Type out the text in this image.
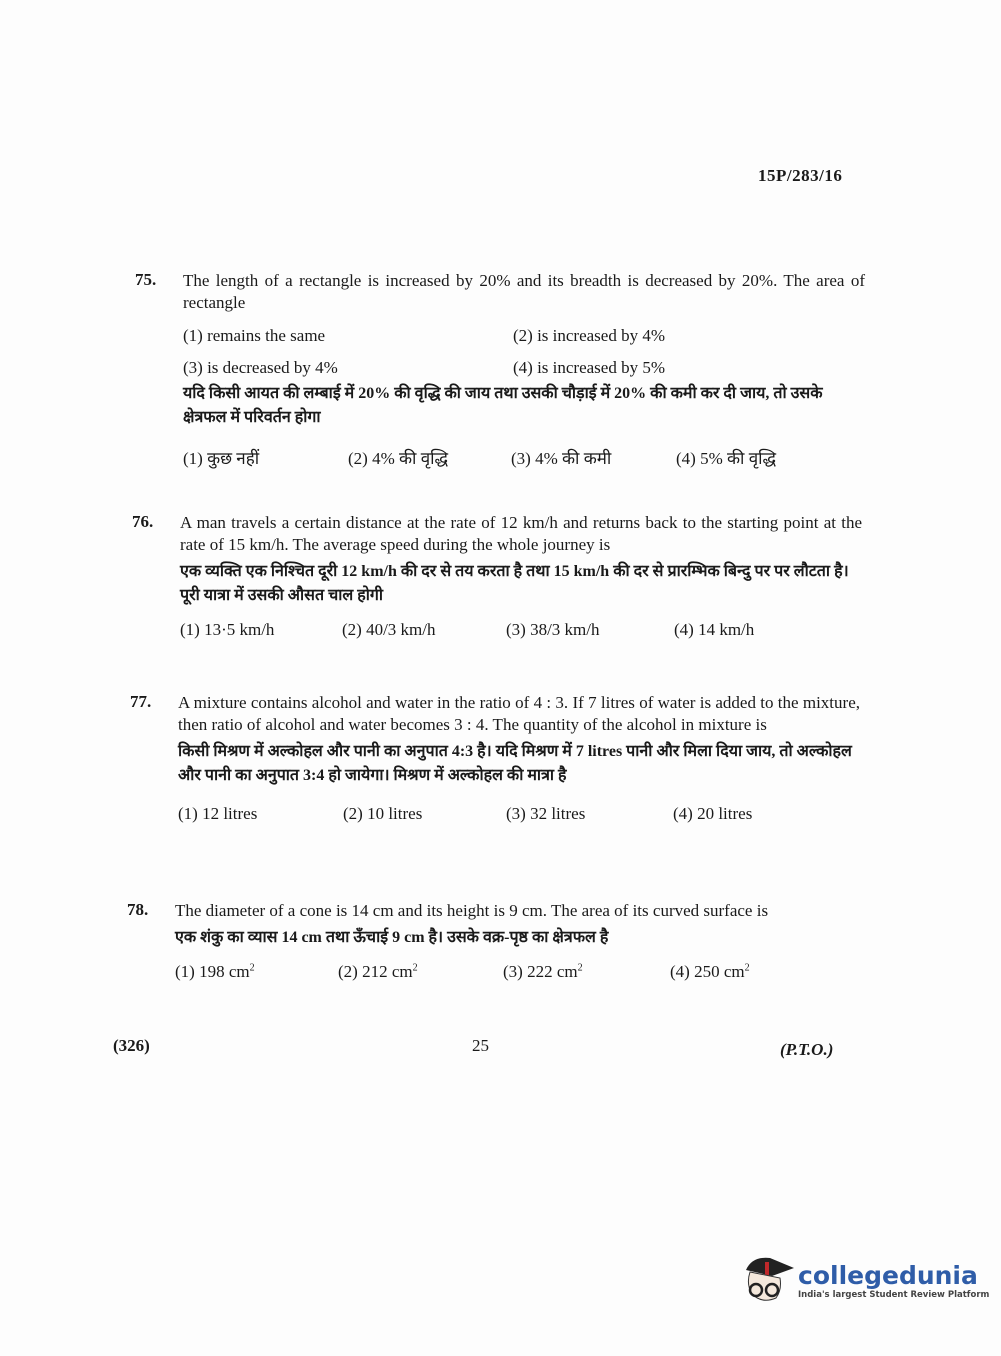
15P/283/16
75. The length of a rectangle is increased by 20% and its breadth is decreased by 20%. The area of rectangle
(1) remains the same	(2) is increased by 4%
(3) is decreased by 4%	(4) is increased by 5%
यदि किसी आयत की लम्बाई में 20% की वृद्धि की जाय तथा उसकी चौड़ाई में 20% की कमी कर दी जाय, तो उसके क्षेत्रफल में परिवर्तन होगा
(1) कुछ नहीं	(2) 4% की वृद्धि	(3) 4% की कमी	(4) 5% की वृद्धि
76. A man travels a certain distance at the rate of 12 km/h and returns back to the starting point at the rate of 15 km/h. The average speed during the whole journey is
एक व्यक्ति एक निश्चित दूरी 12 km/h की दर से तय करता है तथा 15 km/h की दर से प्रारम्भिक बिन्दु पर पर लौटता है। पूरी यात्रा में उसकी औसत चाल होगी
(1) 13·5 km/h	(2) 40/3 km/h	(3) 38/3 km/h	(4) 14 km/h
77. A mixture contains alcohol and water in the ratio of 4 : 3. If 7 litres of water is added to the mixture, then ratio of alcohol and water becomes 3 : 4. The quantity of the alcohol in mixture is
किसी मिश्रण में अल्कोहल और पानी का अनुपात 4:3 है। यदि मिश्रण में 7 litres पानी और मिला दिया जाय, तो अल्कोहल और पानी का अनुपात 3:4 हो जायेगा। मिश्रण में अल्कोहल की मात्रा है
(1) 12 litres	(2) 10 litres	(3) 32 litres	(4) 20 litres
78. The diameter of a cone is 14 cm and its height is 9 cm. The area of its curved surface is
एक शंकु का व्यास 14 cm तथा ऊँचाई 9 cm है। उसके वक्र-पृष्ठ का क्षेत्रफल है
(1) 198 $cm^2$	(2) 212 $cm^2$	(3) 222 $cm^2$	(4) 250 $cm^2$
(326)	25	(P.T.O.)
collegedunia
India's largest Student Review Platform
